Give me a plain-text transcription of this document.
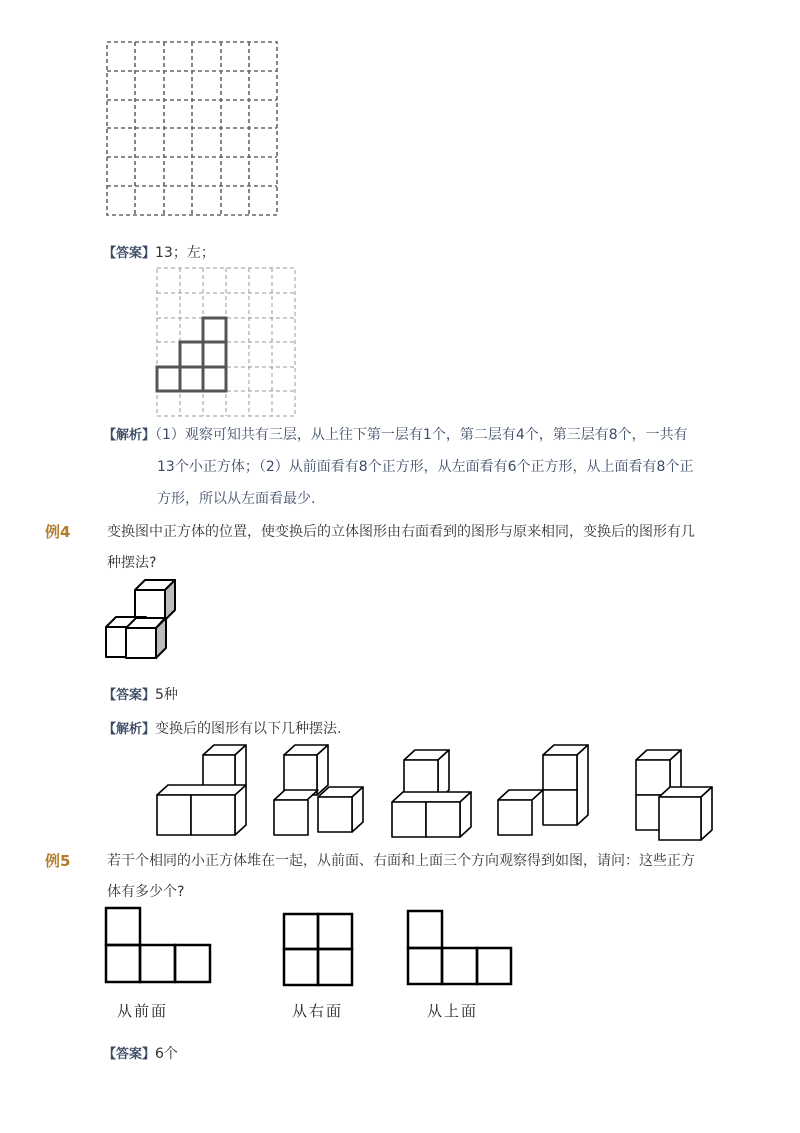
【答案】13；左；
【解析】（1）观察可知共有三层，从上往下第一层有1个，第二层有4个，第三层有8个，一共有
13个小正方体；（2）从前面看有8个正方形，从左面看有6个正方形，从上面看有8个正
方形，所以从左面看最少.
例4	变换图中正方体的位置，使变换后的立体图形由右面看到的图形与原来相同，变换后的图形有几
种摆法?
【答案】5种
【解析】变换后的图形有以下几种摆法.
例5	若干个相同的小正方体堆在一起，从前面、右面和上面三个方向观察得到如图，请问：这些正方
体有多少个?
从前面	从右面	从上面
【答案】6个
